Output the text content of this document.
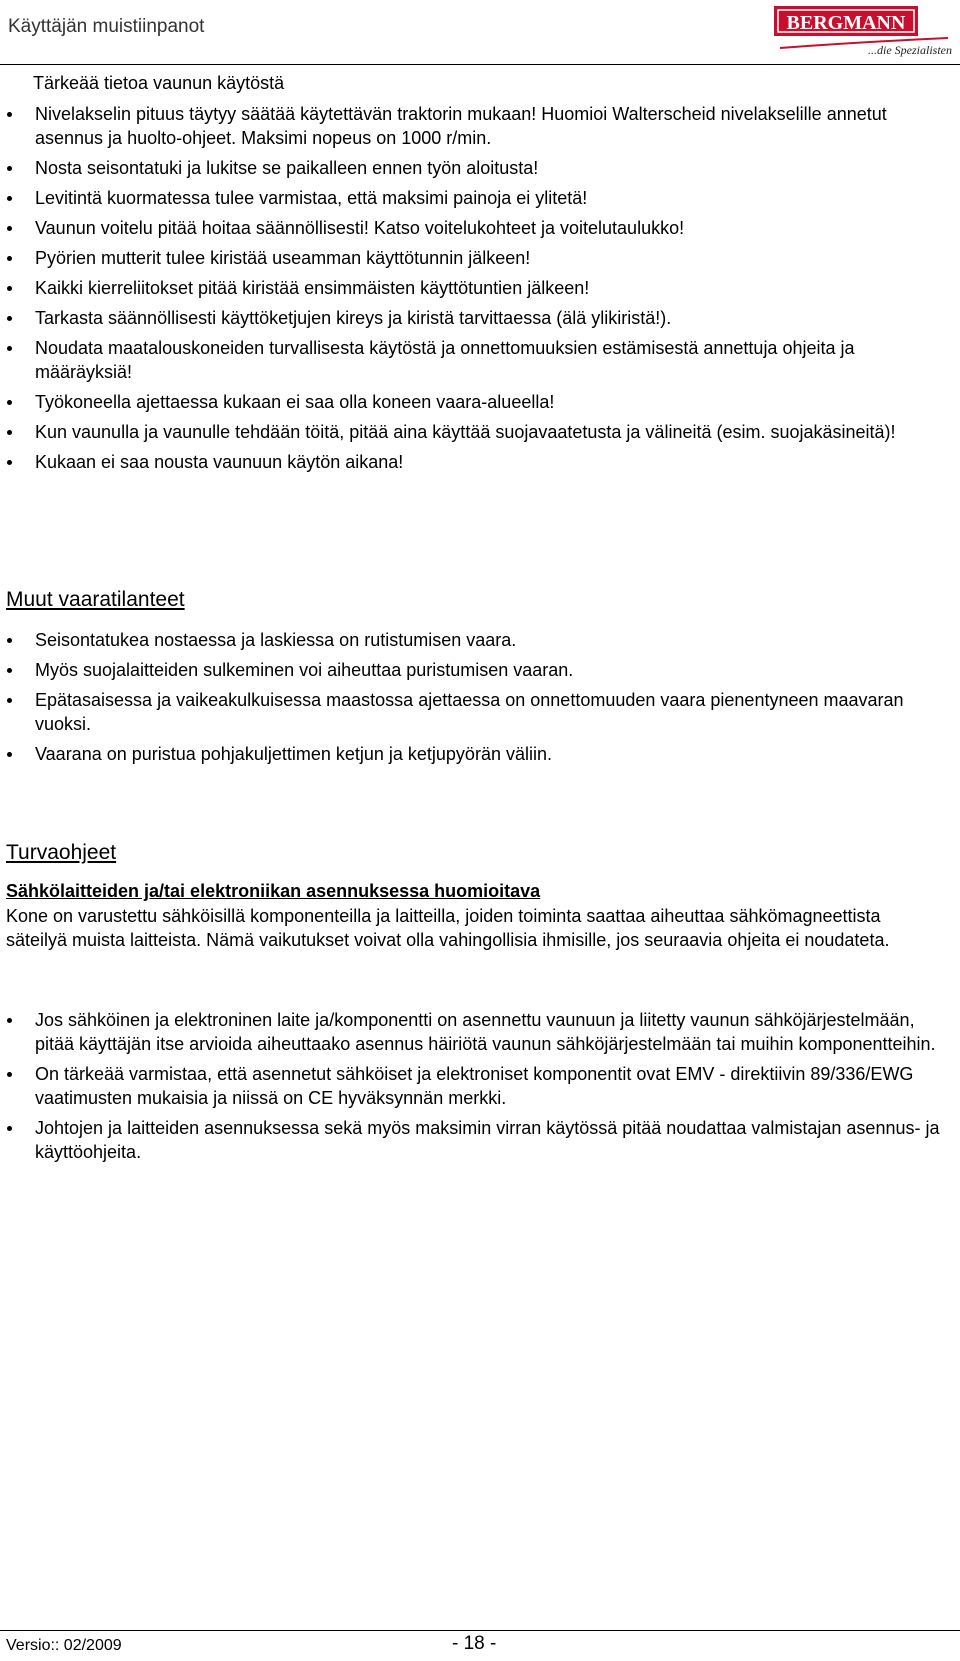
Käyttäjän muistiinpanot	BERGMANN
...die Spezialisten
Tärkeää tietoa vaunun käytöstä
Nivelakselin pituus täytyy säätää käytettävän traktorin mukaan! Huomioi Walterscheid nivelakselille annetut asennus ja huolto-ohjeet. Maksimi nopeus on 1000 r/min.
Nosta seisontatuki ja lukitse se paikalleen ennen työn aloitusta!
Levitintä kuormatessa tulee varmistaa, että maksimi painoja ei ylitetä!
Vaunun voitelu pitää hoitaa säännöllisesti! Katso voitelukohteet ja voitelutaulukko!
Pyörien mutterit tulee kiristää useamman käyttötunnin jälkeen!
Kaikki kierreliitokset pitää kiristää ensimmäisten käyttötuntien jälkeen!
Tarkasta säännöllisesti käyttöketjujen kireys ja kiristä tarvittaessa (älä ylikiristä!).
Noudata maatalouskoneiden turvallisesta käytöstä ja onnettomuuksien estämisestä annettuja ohjeita ja määräyksiä!
Työkoneella ajettaessa kukaan ei saa olla koneen vaara-alueella!
Kun vaunulla ja vaunulle tehdään töitä, pitää aina käyttää suojavaatetusta ja välineitä (esim. suojakäsineitä)!
Kukaan ei saa nousta vaunuun käytön aikana!
Muut vaaratilanteet
Seisontatukea nostaessa ja laskiessa on rutistumisen vaara.
Myös suojalaitteiden sulkeminen voi aiheuttaa puristumisen vaaran.
Epätasaisessa ja vaikeakulkuisessa maastossa ajettaessa on onnettomuuden vaara pienentyneen maavaran vuoksi.
Vaarana on puristua pohjakuljettimen ketjun ja ketjupyörän väliin.
Turvaohjeet
Sähkölaitteiden ja/tai elektroniikan asennuksessa huomioitava
Kone on varustettu sähköisillä komponenteilla ja laitteilla, joiden toiminta saattaa aiheuttaa sähkömagneettista säteilyä muista laitteista. Nämä vaikutukset voivat olla vahingollisia ihmisille, jos seuraavia ohjeita ei noudateta.
Jos sähköinen ja elektroninen laite ja/komponentti on asennettu vaunuun ja liitetty vaunun sähköjärjestelmään, pitää käyttäjän itse arvioida aiheuttaako asennus häiriötä vaunun sähköjärjestelmään tai muihin komponentteihin.
On tärkeää varmistaa, että asennetut sähköiset ja elektroniset komponentit ovat EMV - direktiivin 89/336/EWG vaatimusten mukaisia ja niissä on CE hyväksynnän merkki.
Johtojen ja laitteiden asennuksessa sekä myös maksimin virran käytössä pitää noudattaa valmistajan asennus- ja käyttöohjeita.
Versio:: 02/2009	- 18 -
